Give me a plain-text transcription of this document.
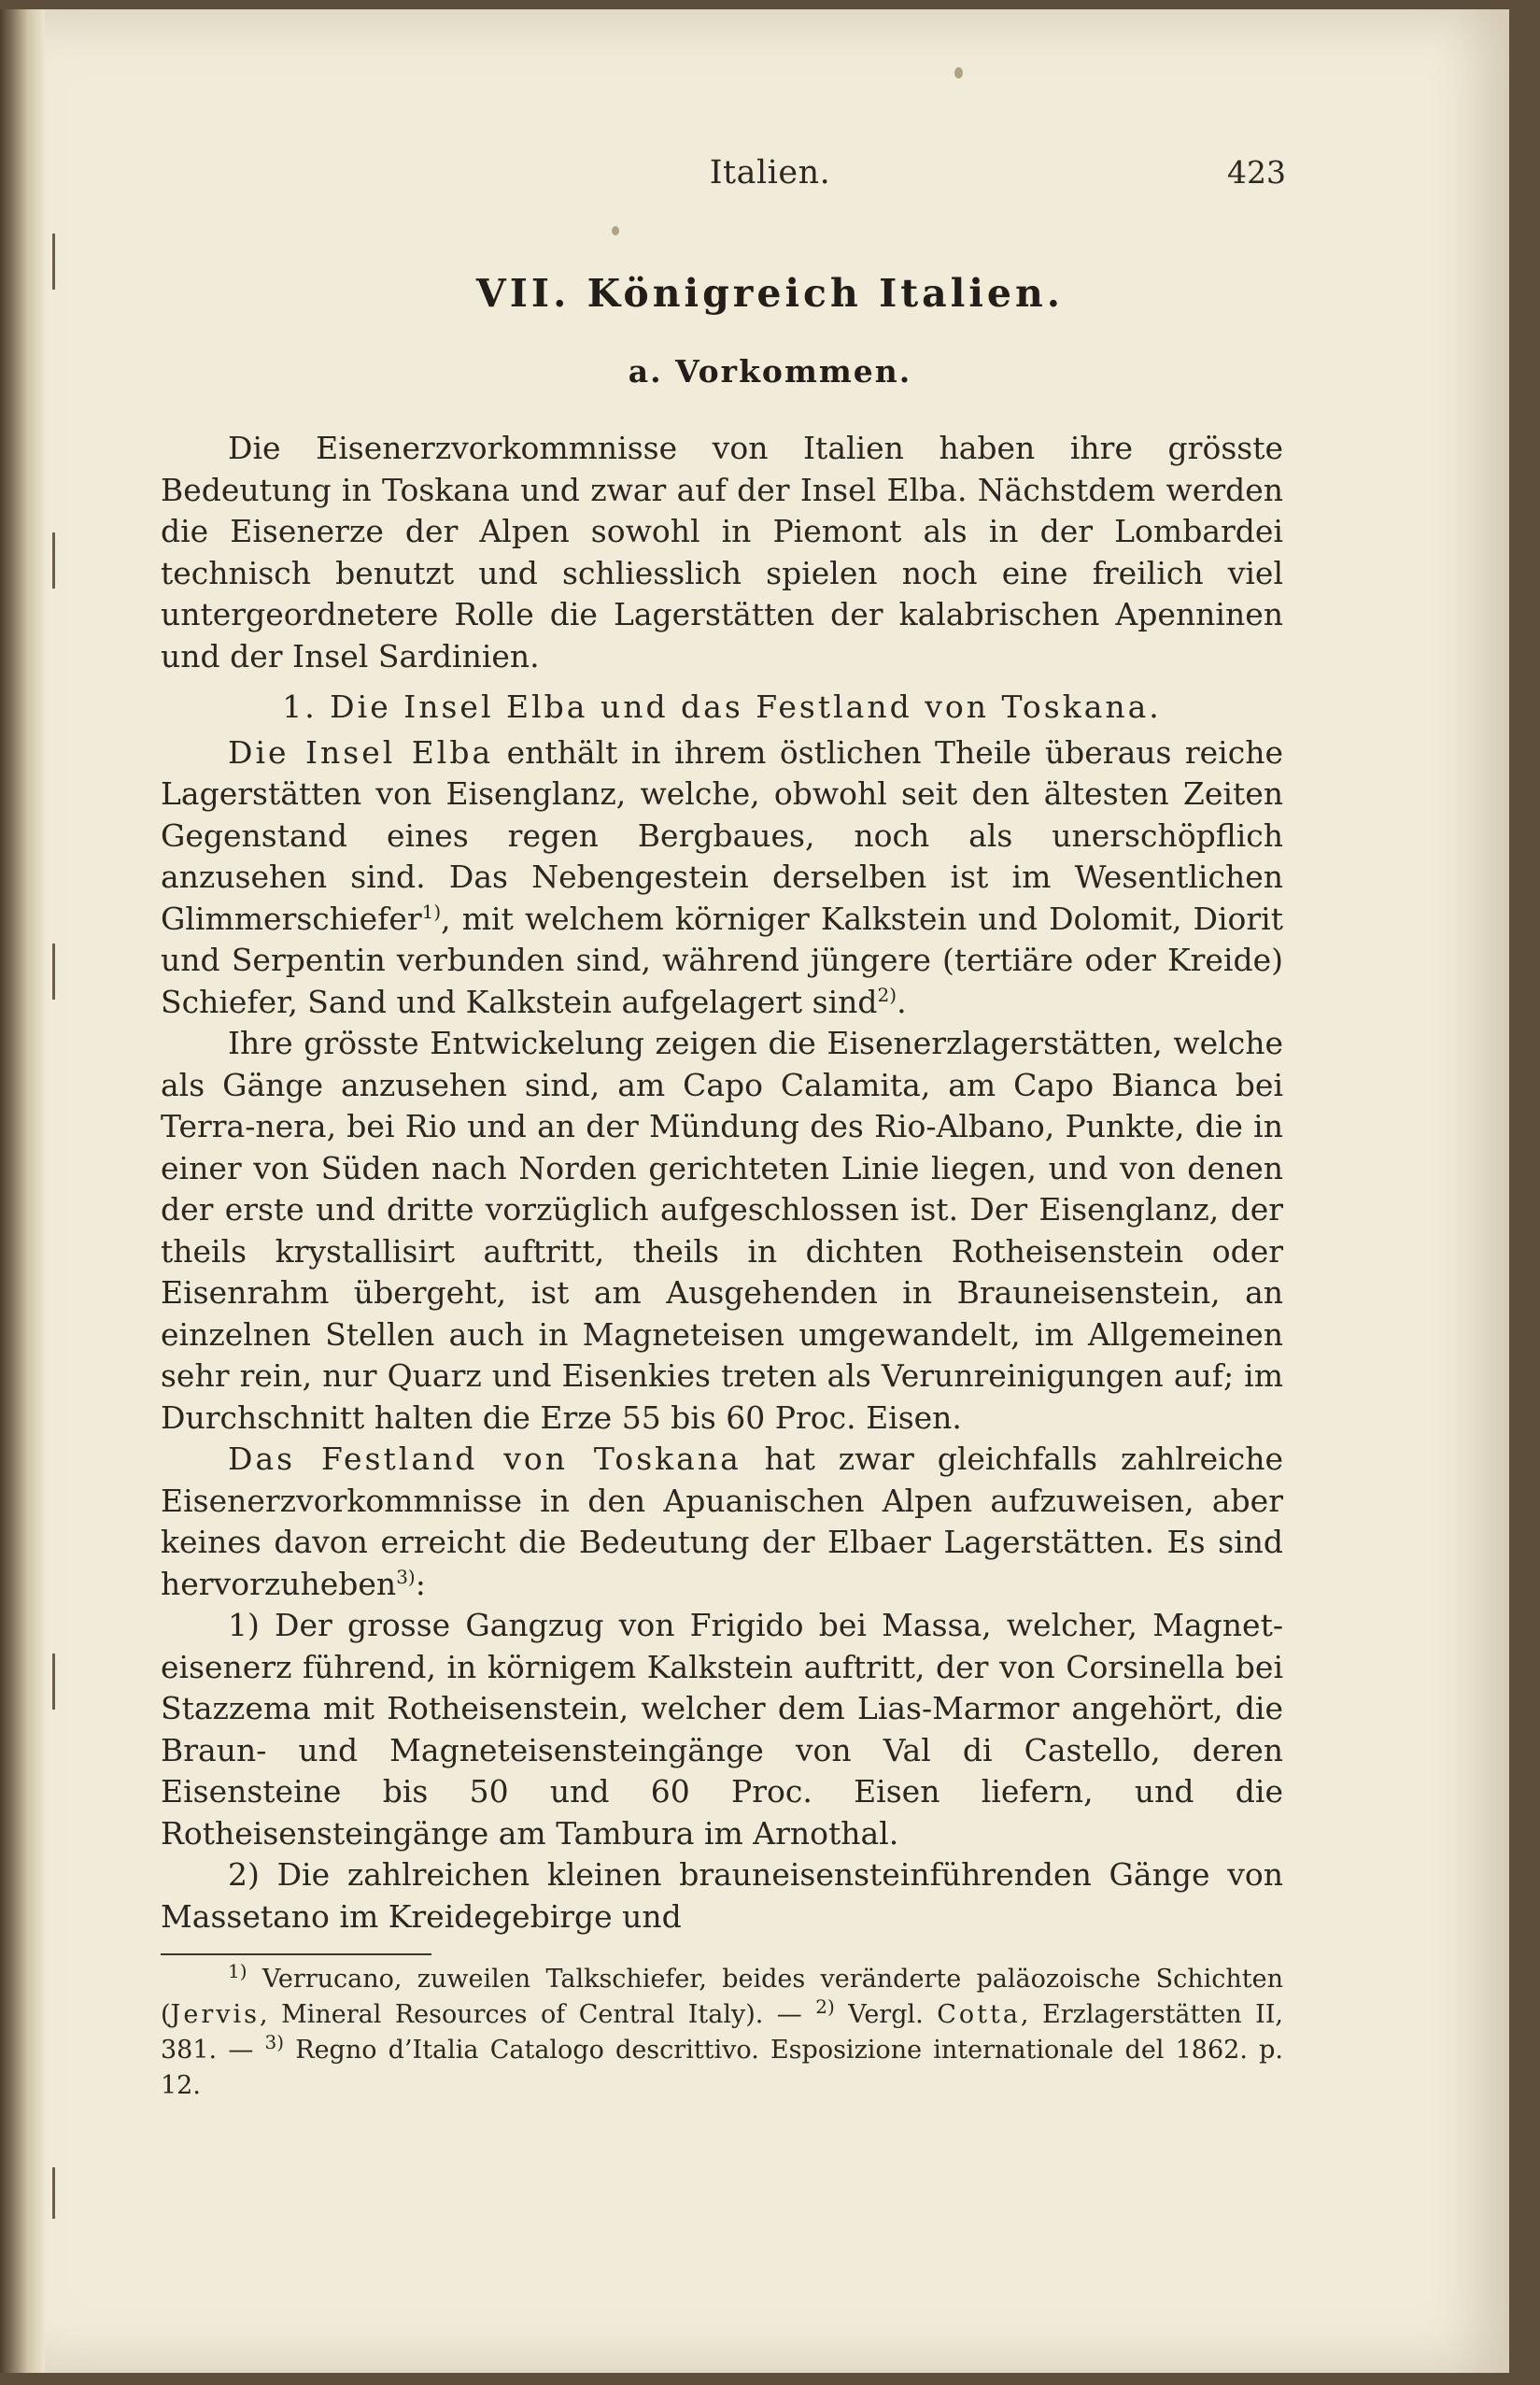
Italien.	423
VII. Königreich Italien.
a. Vorkommen.

Die Eisenerzvorkommnisse von Italien haben ihre grösste Bedeutung in Toskana und zwar auf der Insel Elba. Nächstdem werden die Eisenerze der Alpen sowohl in Piemont als in der Lombardei technisch benutzt und schliesslich spielen noch eine freilich viel untergeordnetere Rolle die Lagerstätten der kalabrischen Apenninen und der Insel Sardinien.

1. Die Insel Elba und das Festland von Toskana.

Die Insel Elba enthält in ihrem östlichen Theile überaus reiche Lagerstätten von Eisenglanz, welche, obwohl seit den ältesten Zeiten Gegenstand eines regen Bergbaues, noch als unerschöpflich anzusehen sind. Das Nebengestein derselben ist im Wesentlichen Glimmerschiefer$^{1)}$, mit welchem körniger Kalkstein und Dolomit, Diorit und Serpentin verbunden sind, während jüngere (tertiäre oder Kreide) Schiefer, Sand und Kalkstein aufgelagert sind$^{2)}$.

Ihre grösste Entwickelung zeigen die Eisenerzlagerstätten, welche als Gänge anzusehen sind, am Capo Calamita, am Capo Bianca bei Terra-nera, bei Rio und an der Mündung des Rio-Albano, Punkte, die in einer von Süden nach Norden gerichteten Linie liegen, und von denen der erste und dritte vorzüglich aufgeschlossen ist. Der Eisenglanz, der theils krystallisirt auftritt, theils in dichten Rotheisenstein oder Eisenrahm übergeht, ist am Ausgehenden in Brauneisenstein, an einzelnen Stellen auch in Magneteisen umgewandelt, im Allgemeinen sehr rein, nur Quarz und Eisenkies treten als Verunreinigungen auf; im Durchschnitt halten die Erze 55 bis 60 Proc. Eisen.

Das Festland von Toskana hat zwar gleichfalls zahlreiche Eisenerzvorkommnisse in den Apuanischen Alpen aufzuweisen, aber keines davon erreicht die Bedeutung der Elbaer Lagerstätten. Es sind hervorzuheben$^{3)}$:

1) Der grosse Gangzug von Frigido bei Massa, welcher, Magneteisenerz führend, in körnigem Kalkstein auftritt, der von Corsinella bei Stazzema mit Rotheisenstein, welcher dem Lias-Marmor angehört, die Braun- und Magneteisensteingänge von Val di Castello, deren Eisensteine bis 50 und 60 Proc. Eisen liefern, und die Rotheisensteingänge am Tambura im Arnothal.

2) Die zahlreichen kleinen brauneisensteinführenden Gänge von Massetano im Kreidegebirge und

$^{1)}$ Verrucano, zuweilen Talkschiefer, beides veränderte paläozoische Schichten (Jervis, Mineral Resources of Central Italy). — $^{2)}$ Vergl. Cotta, Erzlagerstätten II, 381. — $^{3)}$ Regno d’Italia Catalogo descrittivo. Esposizione internationale del 1862. p. 12.
